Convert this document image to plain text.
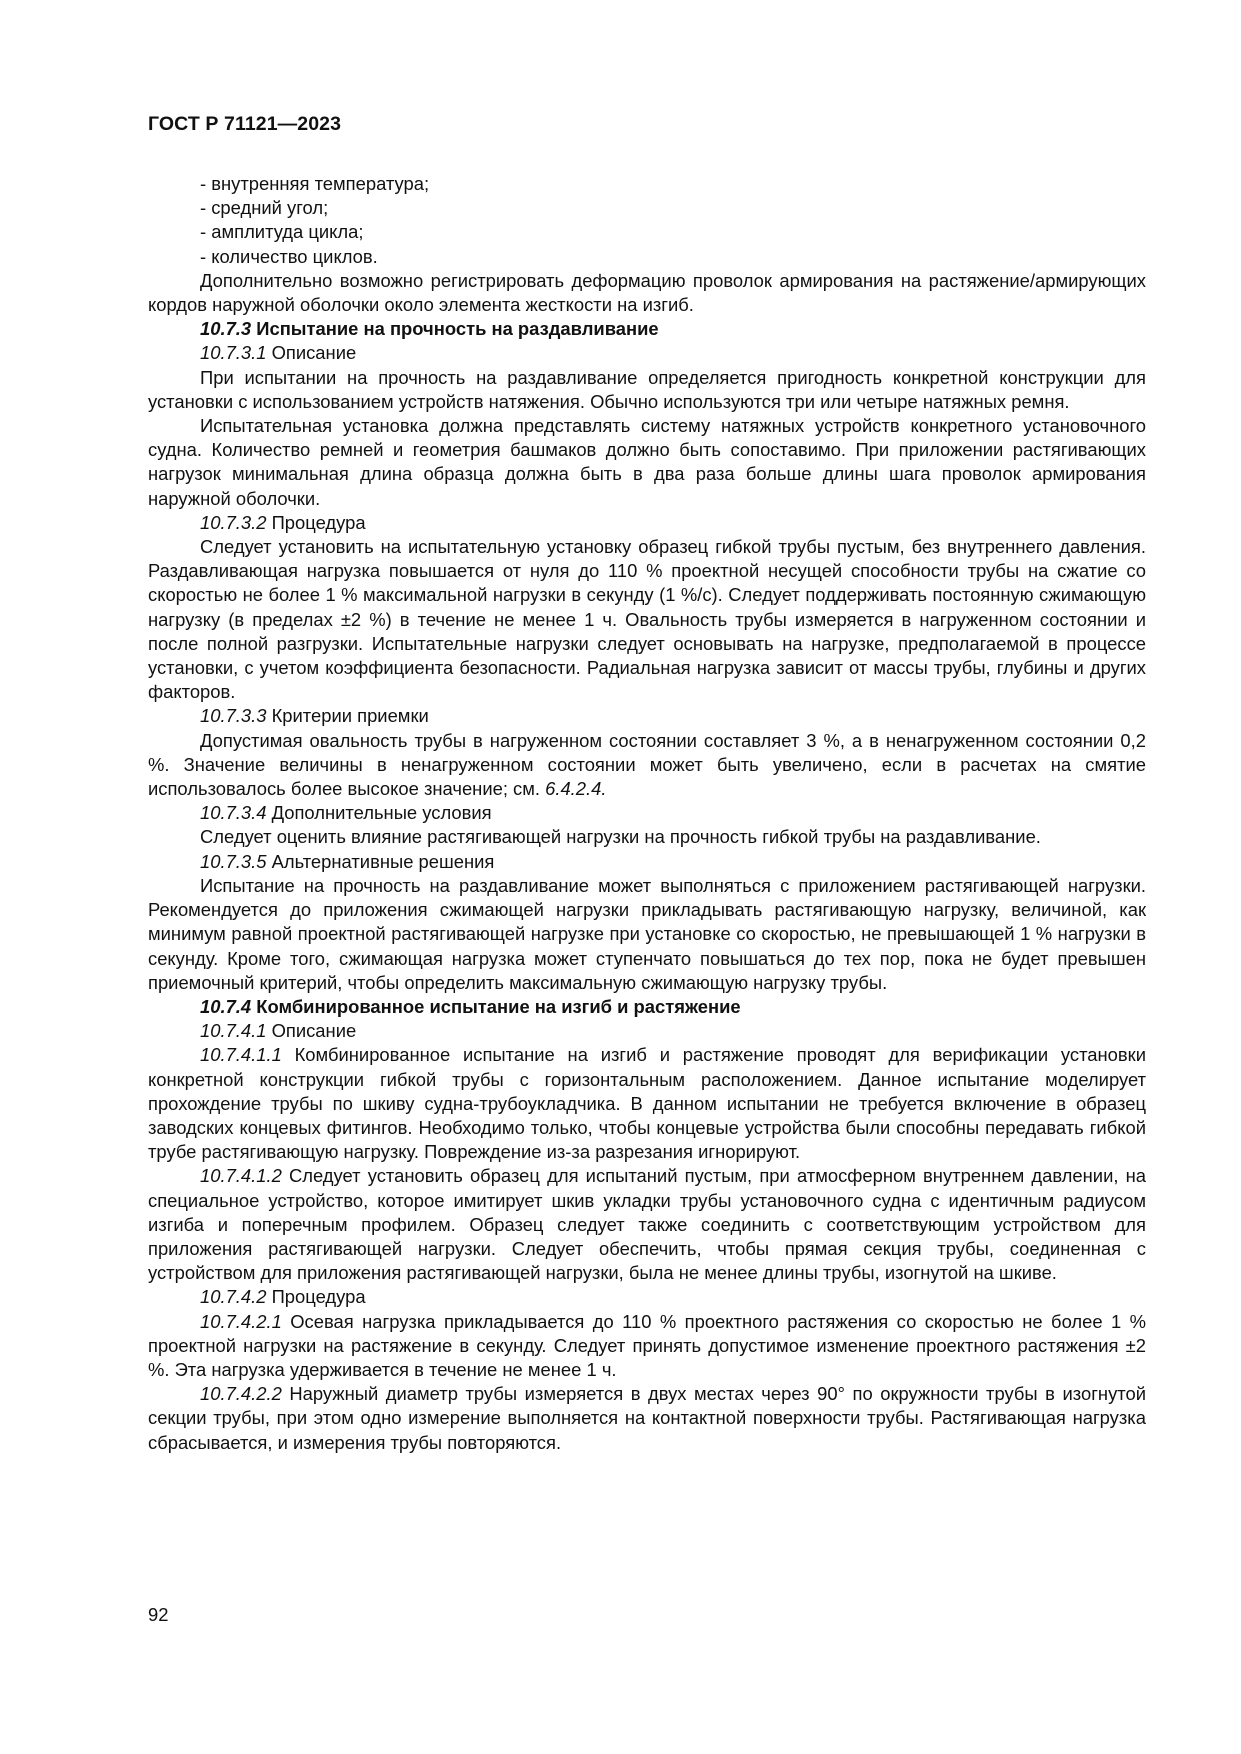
ГОСТ Р 71121—2023

- внутренняя температура;

- средний угол;

- амплитуда цикла;

- количество циклов.

Дополнительно возможно регистрировать деформацию проволок армирования на растяжение/армирующих кордов наружной оболочки около элемента жесткости на изгиб.

10.7.3 Испытание на прочность на раздавливание

10.7.3.1 Описание

При испытании на прочность на раздавливание определяется пригодность конкретной конструкции для установки с использованием устройств натяжения. Обычно используются три или четыре натяжных ремня.

Испытательная установка должна представлять систему натяжных устройств конкретного установочного судна. Количество ремней и геометрия башмаков должно быть сопоставимо. При приложении растягивающих нагрузок минимальная длина образца должна быть в два раза больше длины шага проволок армирования наружной оболочки.

10.7.3.2 Процедура

Следует установить на испытательную установку образец гибкой трубы пустым, без внутреннего давления. Раздавливающая нагрузка повышается от нуля до 110 % проектной несущей способности трубы на сжатие со скоростью не более 1 % максимальной нагрузки в секунду (1 %/с). Следует поддерживать постоянную сжимающую нагрузку (в пределах ±2 %) в течение не менее 1 ч. Овальность трубы измеряется в нагруженном состоянии и после полной разгрузки. Испытательные нагрузки следует основывать на нагрузке, предполагаемой в процессе установки, с учетом коэффициента безопасности. Радиальная нагрузка зависит от массы трубы, глубины и других факторов.

10.7.3.3 Критерии приемки

Допустимая овальность трубы в нагруженном состоянии составляет 3 %, а в ненагруженном состоянии 0,2 %. Значение величины в ненагруженном состоянии может быть увеличено, если в расчетах на смятие использовалось более высокое значение; см. 6.4.2.4.

10.7.3.4 Дополнительные условия

Следует оценить влияние растягивающей нагрузки на прочность гибкой трубы на раздавливание.

10.7.3.5 Альтернативные решения

Испытание на прочность на раздавливание может выполняться с приложением растягивающей нагрузки. Рекомендуется до приложения сжимающей нагрузки прикладывать растягивающую нагрузку, величиной, как минимум равной проектной растягивающей нагрузке при установке со скоростью, не превышающей 1 % нагрузки в секунду. Кроме того, сжимающая нагрузка может ступенчато повышаться до тех пор, пока не будет превышен приемочный критерий, чтобы определить максимальную сжимающую нагрузку трубы.

10.7.4 Комбинированное испытание на изгиб и растяжение

10.7.4.1 Описание

10.7.4.1.1 Комбинированное испытание на изгиб и растяжение проводят для верификации установки конкретной конструкции гибкой трубы с горизонтальным расположением. Данное испытание моделирует прохождение трубы по шкиву судна-трубоукладчика. В данном испытании не требуется включение в образец заводских концевых фитингов. Необходимо только, чтобы концевые устройства были способны передавать гибкой трубе растягивающую нагрузку. Повреждение из-за разрезания игнорируют.

10.7.4.1.2 Следует установить образец для испытаний пустым, при атмосферном внутреннем давлении, на специальное устройство, которое имитирует шкив укладки трубы установочного судна с идентичным радиусом изгиба и поперечным профилем. Образец следует также соединить с соответствующим устройством для приложения растягивающей нагрузки. Следует обеспечить, чтобы прямая секция трубы, соединенная с устройством для приложения растягивающей нагрузки, была не менее длины трубы, изогнутой на шкиве.

10.7.4.2 Процедура

10.7.4.2.1 Осевая нагрузка прикладывается до 110 % проектного растяжения со скоростью не более 1 % проектной нагрузки на растяжение в секунду. Следует принять допустимое изменение проектного растяжения ±2 %. Эта нагрузка удерживается в течение не менее 1 ч.

10.7.4.2.2 Наружный диаметр трубы измеряется в двух местах через 90° по окружности трубы в изогнутой секции трубы, при этом одно измерение выполняется на контактной поверхности трубы. Растягивающая нагрузка сбрасывается, и измерения трубы повторяются.

92
